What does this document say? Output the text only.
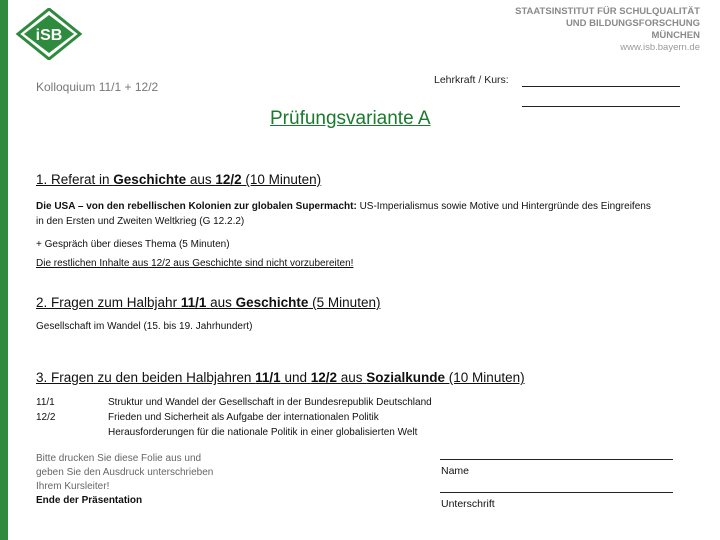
iSB
STAATSINSTITUT FÜR SCHULQUALITÄT
UND BILDUNGSFORSCHUNG
MÜNCHEN
www.isb.bayern.de
Kolloquium 11/1 + 12/2	Lehrkraft / Kurs:
Prüfungsvariante A
1. Referat in Geschichte aus 12/2 (10 Minuten)
Die USA – von den rebellischen Kolonien zur globalen Supermacht: US-Imperialismus sowie Motive und Hintergründe des Eingreifens in den Ersten und Zweiten Weltkrieg (G 12.2.2)
+ Gespräch über dieses Thema (5 Minuten)
Die restlichen Inhalte aus 12/2 aus Geschichte sind nicht vorzubereiten!
2. Fragen zum Halbjahr 11/1 aus Geschichte (5 Minuten)
Gesellschaft im Wandel (15. bis 19. Jahrhundert)
3. Fragen zu den beiden Halbjahren 11/1 und 12/2 aus Sozialkunde (10 Minuten)
11/1
12/2
Struktur und Wandel der Gesellschaft in der Bundesrepublik Deutschland
Frieden und Sicherheit als Aufgabe der internationalen Politik
Herausforderungen für die nationale Politik in einer globalisierten Welt
Bitte drucken Sie diese Folie aus und geben Sie den Ausdruck unterschrieben Ihrem Kursleiter!
Ende der Präsentation
Name
Unterschrift
